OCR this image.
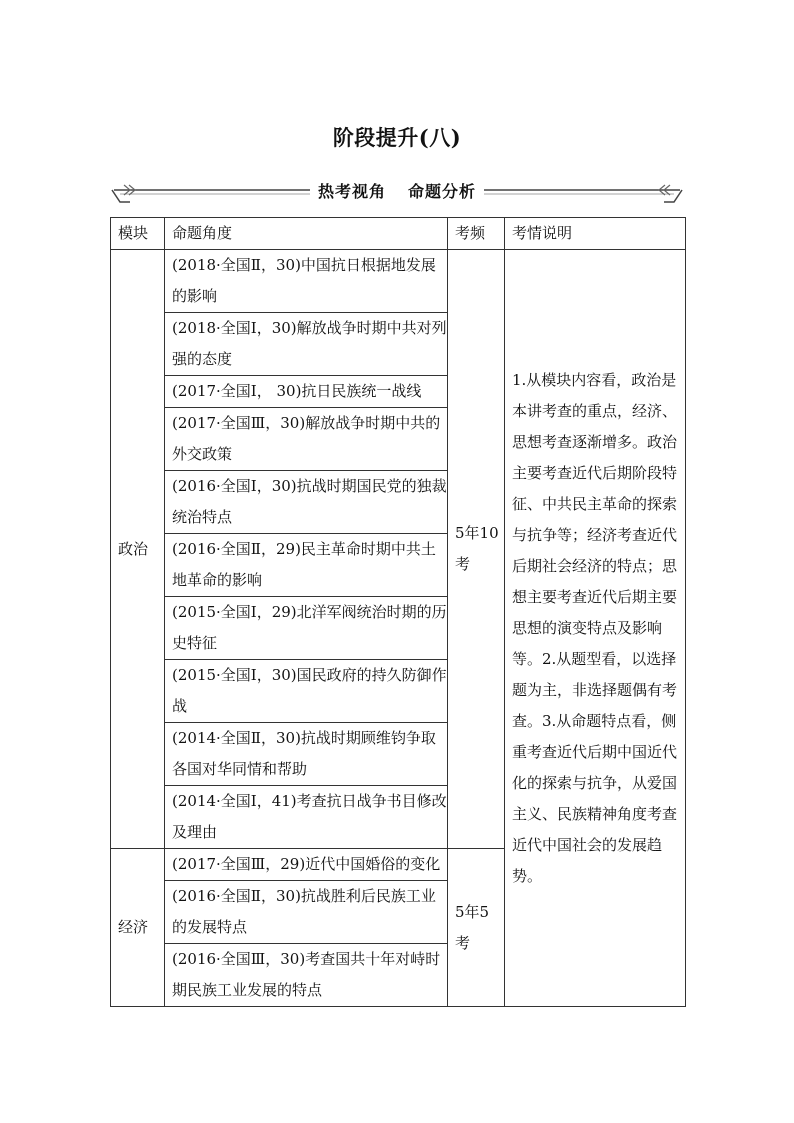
阶段提升(八)
热考视角 命题分析
模块	命题角度	考频	考情说明
政治	(2018·全国Ⅱ，30)中国抗日根据地发展的影响	5年10考	1.从模块内容看，政治是本讲考查的重点，经济、思想考查逐渐增多。政治主要考查近代后期阶段特征、中共民主革命的探索与抗争等；经济考查近代后期社会经济的特点；思想主要考查近代后期主要思想的演变特点及影响等。2.从题型看，以选择题为主，非选择题偶有考查。3.从命题特点看，侧重考查近代后期中国近代化的探索与抗争，从爱国主义、民族精神角度考查近代中国社会的发展趋势。
	(2018·全国Ⅰ，30)解放战争时期中共对列强的态度		
	(2017·全国Ⅰ， 30)抗日民族统一战线		
	(2017·全国Ⅲ，30)解放战争时期中共的外交政策		
	(2016·全国Ⅰ，30)抗战时期国民党的独裁统治特点		
	(2016·全国Ⅱ，29)民主革命时期中共土地革命的影响		
	(2015·全国Ⅰ，29)北洋军阀统治时期的历史特征		
	(2015·全国Ⅰ，30)国民政府的持久防御作战		
	(2014·全国Ⅱ，30)抗战时期顾维钧争取各国对华同情和帮助		
	(2014·全国Ⅰ，41)考查抗日战争书目修改及理由		
经济	(2017·全国Ⅲ，29)近代中国婚俗的变化	5年5考	
	(2016·全国Ⅱ，30)抗战胜利后民族工业的发展特点		
	(2016·全国Ⅲ，30)考查国共十年对峙时期民族工业发展的特点		
